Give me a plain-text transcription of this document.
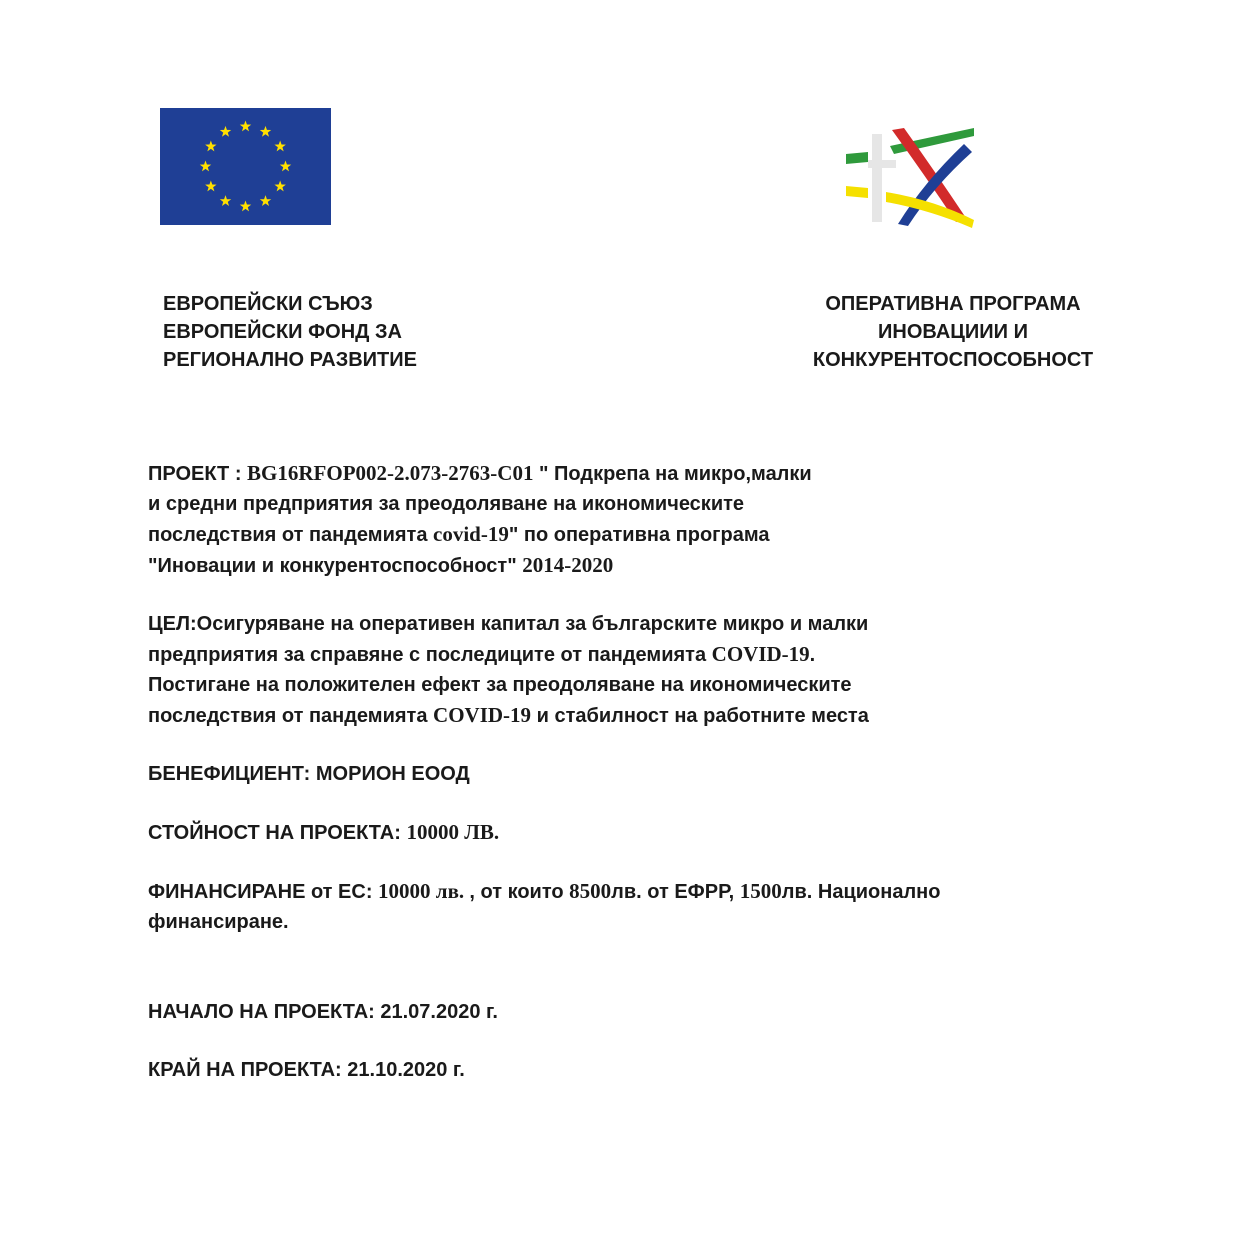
ЕВРОПЕЙСКИ СЪЮЗ
ЕВРОПЕЙСКИ ФОНД ЗА
РЕГИОНАЛНО РАЗВИТИЕ
ОПЕРАТИВНА ПРОГРАМА
ИНОВАЦИИИ И
КОНКУРЕНТОСПОСОБНОСТ

ПРОЕКТ : BG16RFOP002-2.073-2763-C01 " Подкрепа на микро,малки и средни предприятия за преодоляване на икономическите последствия от пандемията covid-19" по оперативна програма "Иновации и конкурентоспособност" 2014-2020

ЦЕЛ:Осигуряване на оперативен капитал за българските микро и малки предприятия за справяне с последиците от пандемията COVID-19. Постигане на положителен ефект за преодоляване на икономическите последствия от пандемията COVID-19 и стабилност на работните места

БЕНЕФИЦИЕНТ: МОРИОН ЕООД

СТОЙНОСТ НА ПРОЕКТА: 10000 ЛВ.

ФИНАНСИРАНЕ от ЕС: 10000 лв. , от които 8500лв. от ЕФРР, 1500лв. Национално финансиране.

НАЧАЛО НА ПРОЕКТА: 21.07.2020 г.

КРАЙ НА ПРОЕКТА: 21.10.2020 г.
